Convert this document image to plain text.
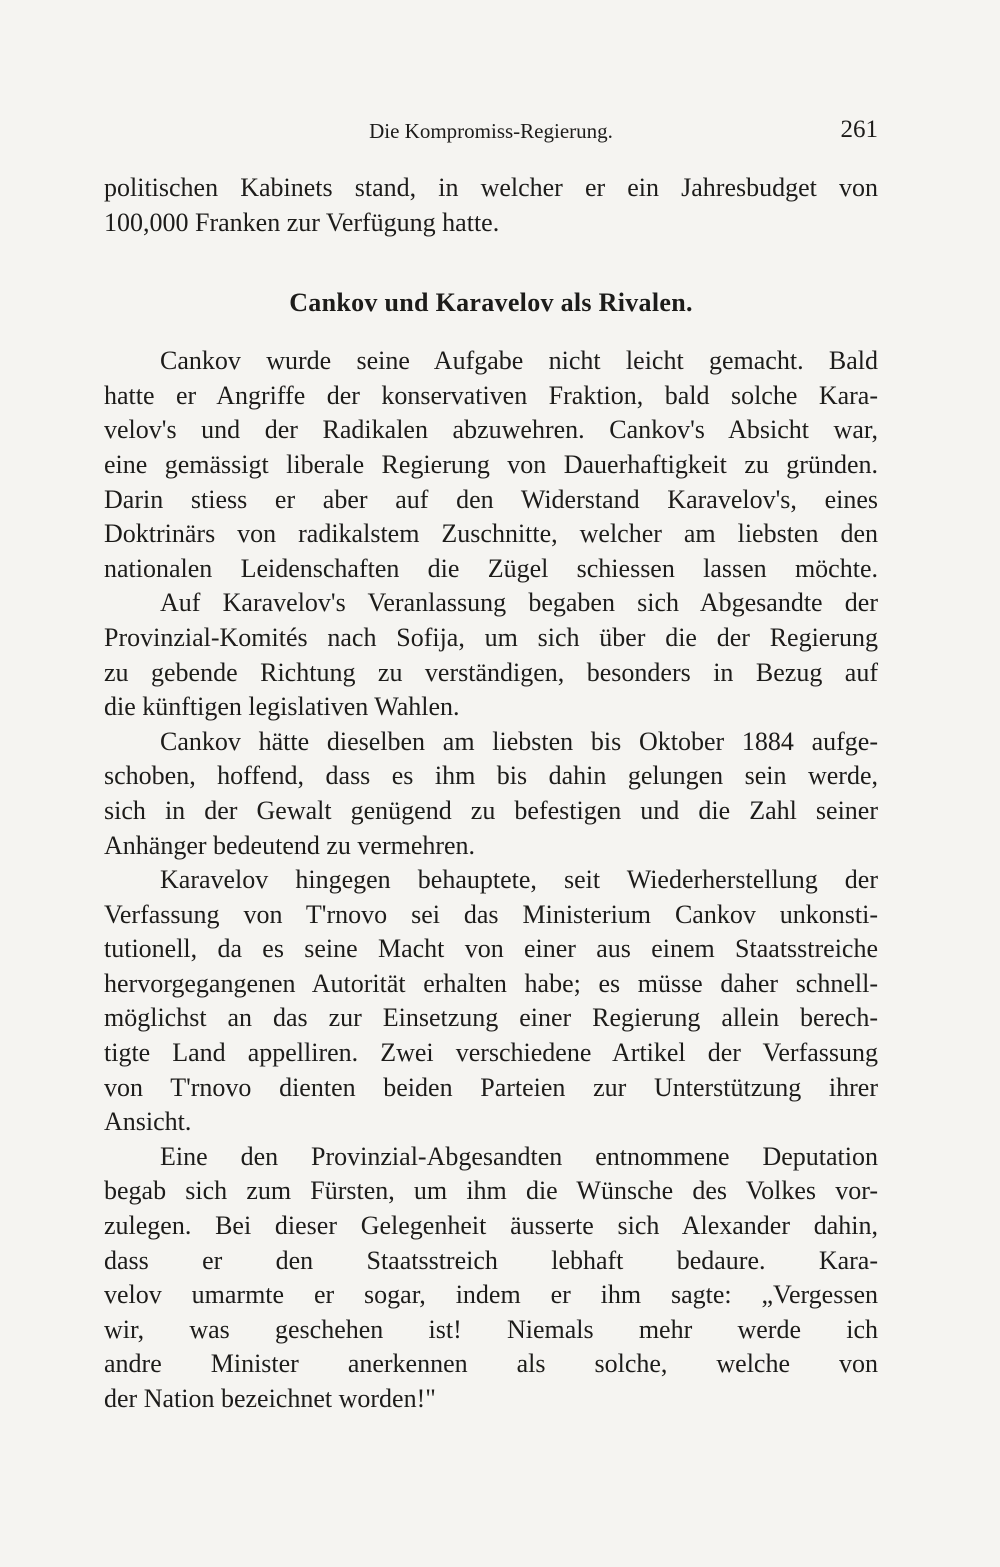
Die Kompromiss-Regierung.	261
politischen Kabinets stand, in welcher er ein Jahresbudget von
100,000 Franken zur Verfügung hatte.
Cankov und Karavelov als Rivalen.
Cankov wurde seine Aufgabe nicht leicht gemacht. Bald
hatte er Angriffe der konservativen Fraktion, bald solche Kara-
velov's und der Radikalen abzuwehren. Cankov's Absicht war,
eine gemässigt liberale Regierung von Dauerhaftigkeit zu gründen.
Darin stiess er aber auf den Widerstand Karavelov's, eines
Doktrinärs von radikalstem Zuschnitte, welcher am liebsten den
nationalen Leidenschaften die Zügel schiessen lassen möchte.
Auf Karavelov's Veranlassung begaben sich Abgesandte der
Provinzial-Komités nach Sofija, um sich über die der Regierung
zu gebende Richtung zu verständigen, besonders in Bezug auf
die künftigen legislativen Wahlen.
Cankov hätte dieselben am liebsten bis Oktober 1884 aufge-
schoben, hoffend, dass es ihm bis dahin gelungen sein werde,
sich in der Gewalt genügend zu befestigen und die Zahl seiner
Anhänger bedeutend zu vermehren.
Karavelov hingegen behauptete, seit Wiederherstellung der
Verfassung von T'rnovo sei das Ministerium Cankov unkonsti-
tutionell, da es seine Macht von einer aus einem Staatsstreiche
hervorgegangenen Autorität erhalten habe; es müsse daher schnell-
möglichst an das zur Einsetzung einer Regierung allein berech-
tigte Land appelliren. Zwei verschiedene Artikel der Verfassung
von T'rnovo dienten beiden Parteien zur Unterstützung ihrer
Ansicht.
Eine den Provinzial-Abgesandten entnommene Deputation
begab sich zum Fürsten, um ihm die Wünsche des Volkes vor-
zulegen. Bei dieser Gelegenheit äusserte sich Alexander dahin,
dass er den Staatsstreich lebhaft bedaure. Kara-
velov umarmte er sogar, indem er ihm sagte: „Vergessen
wir, was geschehen ist! Niemals mehr werde ich
andre Minister anerkennen als solche, welche von
der Nation bezeichnet worden!"
